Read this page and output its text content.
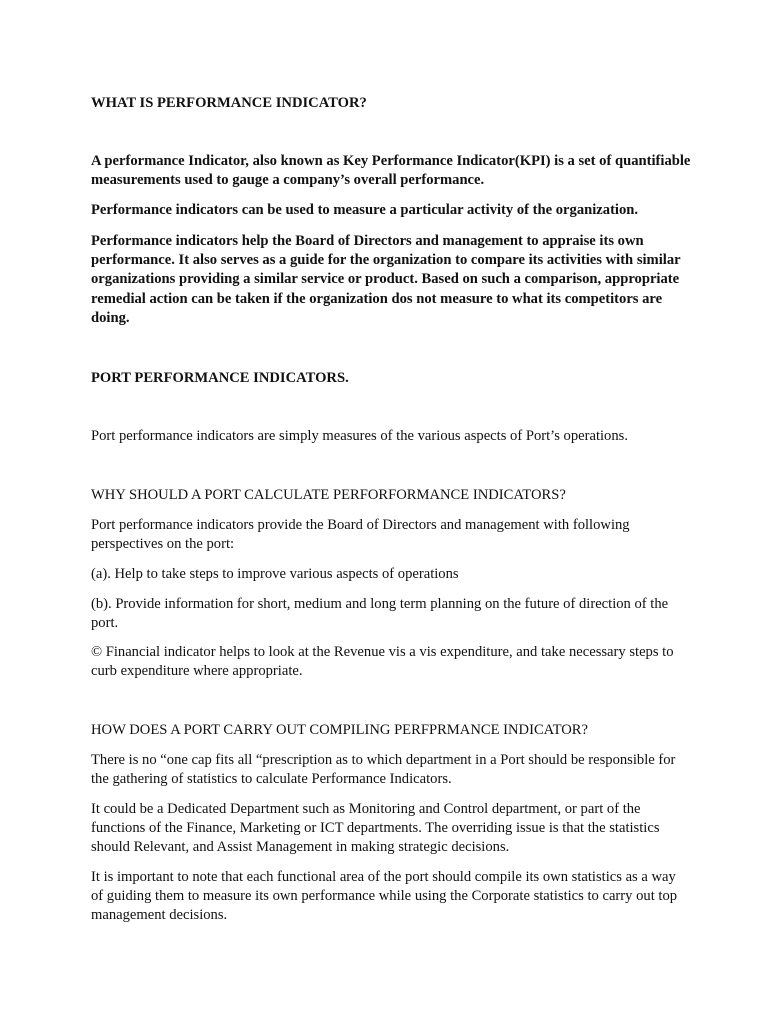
WHAT IS PERFORMANCE INDICATOR?

A performance Indicator, also known as Key Performance Indicator(KPI) is a set of quantifiable measurements used to gauge a company’s overall performance.

Performance indicators can be used to measure a particular activity of the organization.

Performance indicators help the Board of Directors and management to appraise its own performance. It also serves as a guide for the organization to compare its activities with similar organizations providing a similar service or product. Based on such a comparison, appropriate remedial action can be taken if the organization dos not measure to what its competitors are doing.

PORT PERFORMANCE INDICATORS.

Port performance indicators are simply measures of the various aspects of Port’s operations.

WHY SHOULD A PORT CALCULATE PERFORFORMANCE INDICATORS?

Port performance indicators provide the Board of Directors and management with following perspectives on the port:

(a). Help to take steps to improve various aspects of operations

(b). Provide information for short, medium and long term planning on the future of direction of the port.

© Financial indicator helps to look at the Revenue vis a vis expenditure, and take necessary steps to curb expenditure where appropriate.

HOW DOES A PORT CARRY OUT COMPILING PERFPRMANCE INDICATOR?

There is no “one cap fits all “prescription as to which department in a Port should be responsible for the gathering of statistics to calculate Performance Indicators.

It could be a Dedicated Department such as Monitoring and Control department, or part of the functions of the Finance, Marketing or ICT departments. The overriding issue is that the statistics should Relevant, and Assist Management in making strategic decisions.

It is important to note that each functional area of the port should compile its own statistics as a way of guiding them to measure its own performance while using the Corporate statistics to carry out top management decisions.
